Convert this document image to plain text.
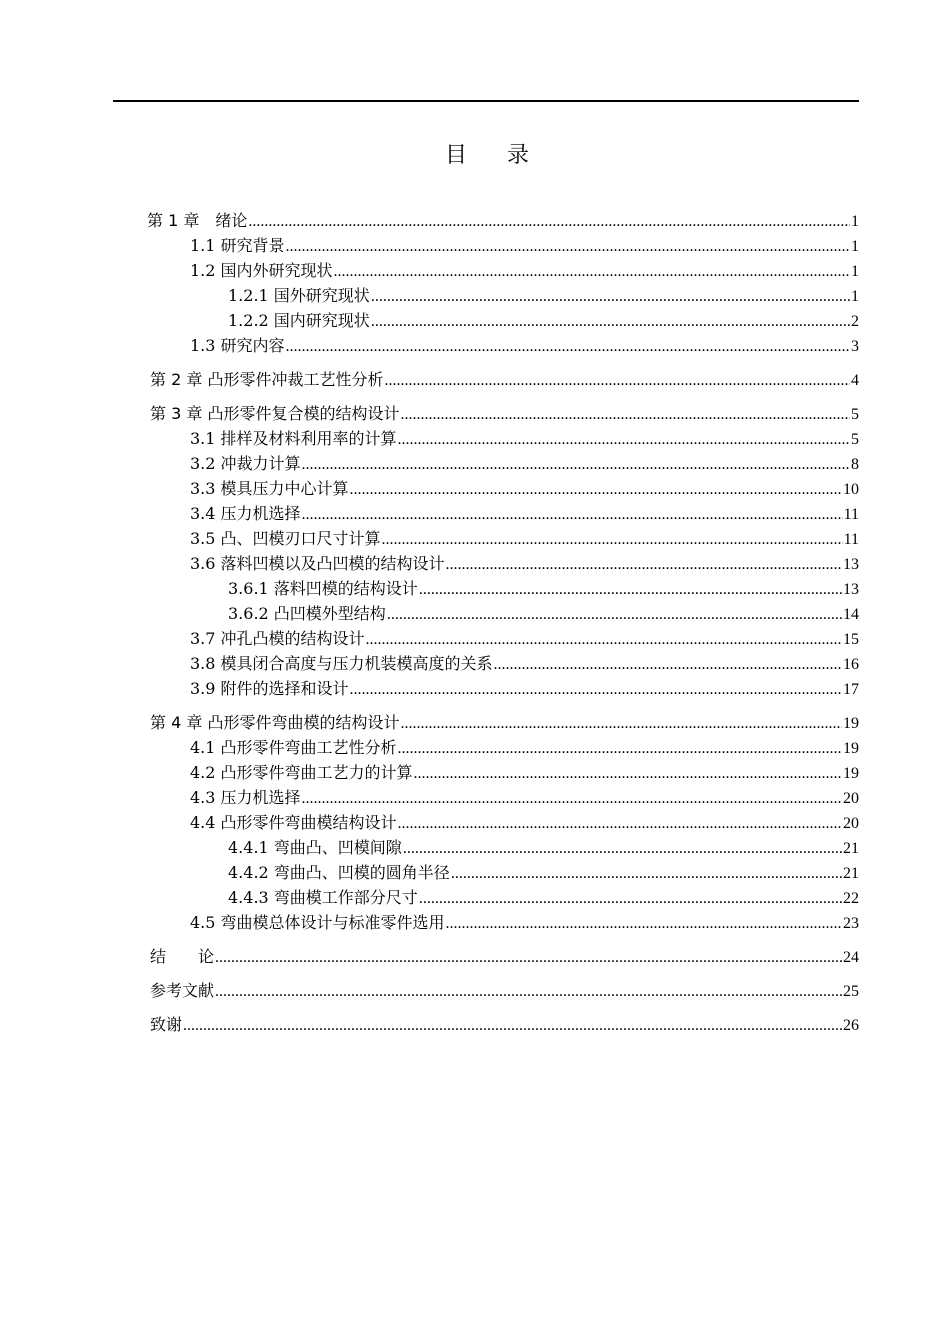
目 录
第 1 章　绪论 .....	1
1.1 研究背景 .....	1
1.2 国内外研究现状 .....	1
1.2.1 国外研究现状 .....	1
1.2.2 国内研究现状 .....	2
1.3 研究内容 .....	3
第 2 章 凸形零件冲裁工艺性分析 .....	4
第 3 章 凸形零件复合模的结构设计 .....	5
3.1 排样及材料利用率的计算 .....	5
3.2 冲裁力计算 .....	8
3.3 模具压力中心计算 .....	10
3.4 压力机选择 .....	11
3.5 凸、凹模刃口尺寸计算 .....	11
3.6 落料凹模以及凸凹模的结构设计 .....	13
3.6.1 落料凹模的结构设计 .....	13
3.6.2 凸凹模外型结构 .....	14
3.7 冲孔凸模的结构设计 .....	15
3.8 模具闭合高度与压力机装模高度的关系 .....	16
3.9 附件的选择和设计 .....	17
第 4 章 凸形零件弯曲模的结构设计 .....	19
4.1 凸形零件弯曲工艺性分析 .....	19
4.2 凸形零件弯曲工艺力的计算 .....	19
4.3 压力机选择 .....	20
4.4 凸形零件弯曲模结构设计 .....	20
4.4.1 弯曲凸、凹模间隙 .....	21
4.4.2 弯曲凸、凹模的圆角半径 .....	21
4.4.3 弯曲模工作部分尺寸 .....	22
4.5 弯曲模总体设计与标准零件选用 .....	23
结　　论 .....	24
参考文献 .....	25
致谢 .....	26
